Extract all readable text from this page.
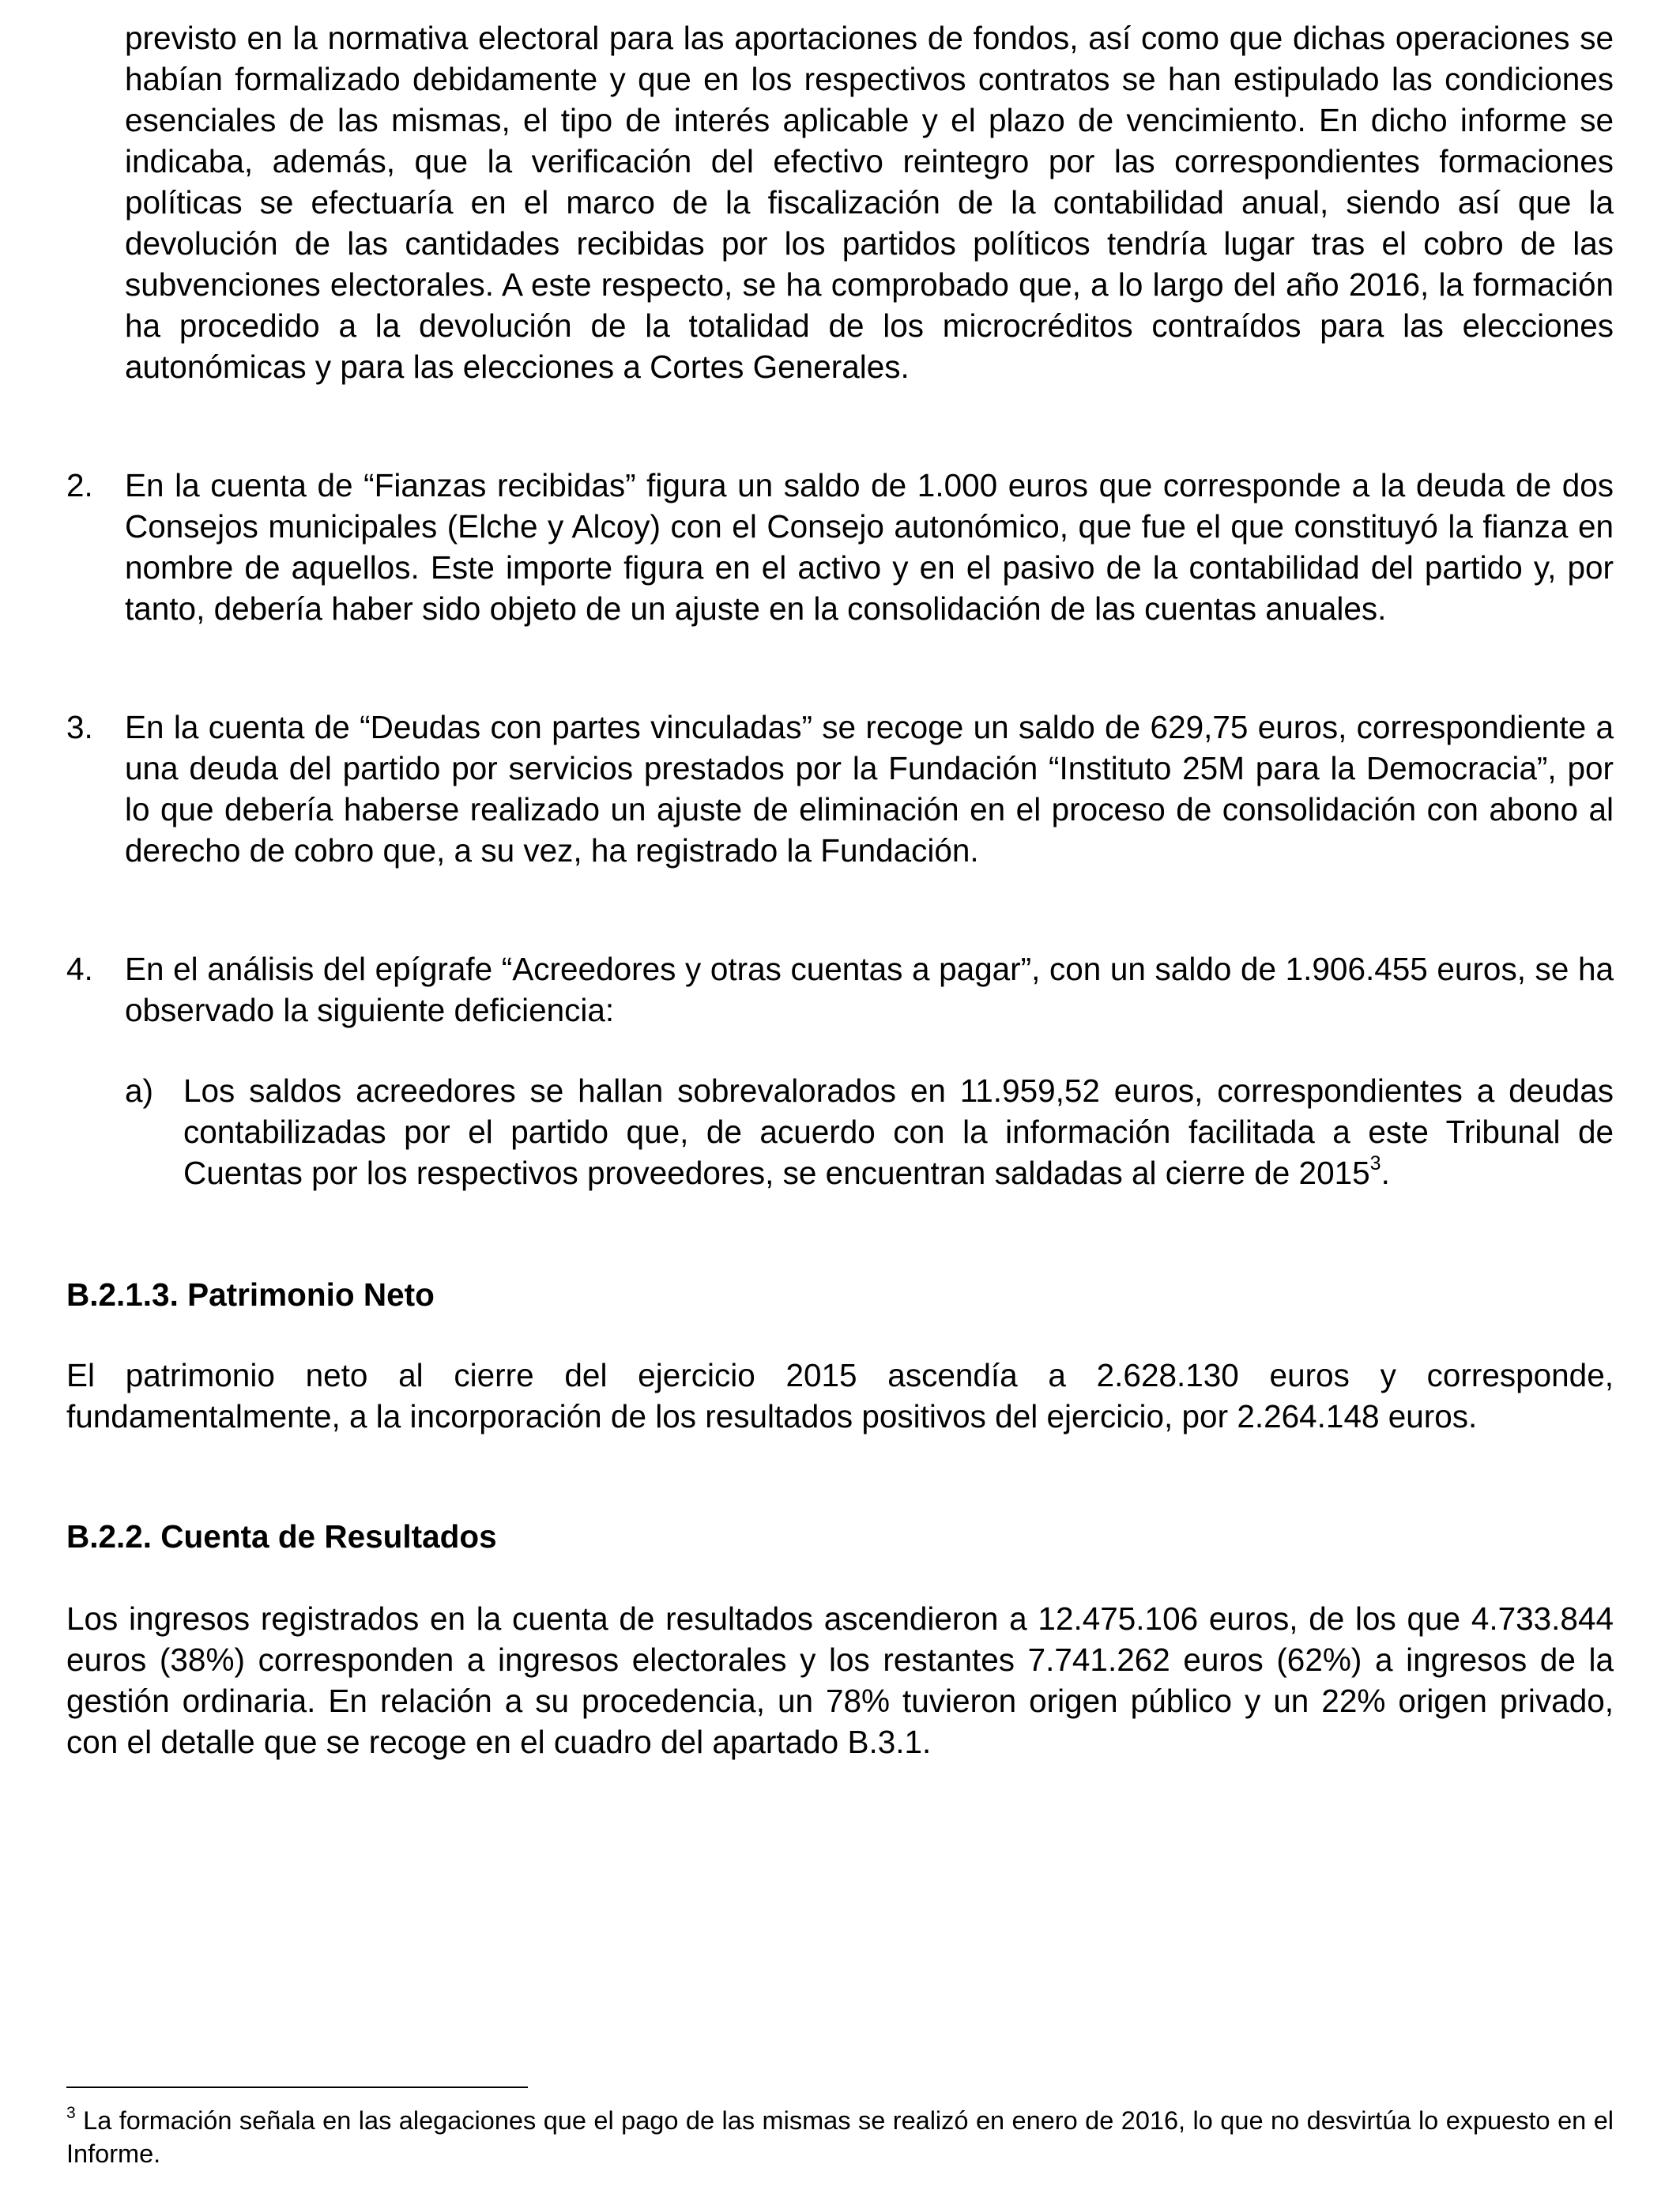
previsto en la normativa electoral para las aportaciones de fondos, así como que dichas operaciones se habían formalizado debidamente y que en los respectivos contratos se han estipulado las condiciones esenciales de las mismas, el tipo de interés aplicable y el plazo de vencimiento. En dicho informe se indicaba, además, que la verificación del efectivo reintegro por las correspondientes formaciones políticas se efectuaría en el marco de la fiscalización de la contabilidad anual, siendo así que la devolución de las cantidades recibidas por los partidos políticos tendría lugar tras el cobro de las subvenciones electorales. A este respecto, se ha comprobado que, a lo largo del año 2016, la formación ha procedido a la devolución de la totalidad de los microcréditos contraídos para las elecciones autonómicas y para las elecciones a Cortes Generales.
2. En la cuenta de “Fianzas recibidas” figura un saldo de 1.000 euros que corresponde a la deuda de dos Consejos municipales (Elche y Alcoy) con el Consejo autonómico, que fue el que constituyó la fianza en nombre de aquellos. Este importe figura en el activo y en el pasivo de la contabilidad del partido y, por tanto, debería haber sido objeto de un ajuste en la consolidación de las cuentas anuales.
3. En la cuenta de “Deudas con partes vinculadas” se recoge un saldo de 629,75 euros, correspondiente a una deuda del partido por servicios prestados por la Fundación “Instituto 25M para la Democracia”, por lo que debería haberse realizado un ajuste de eliminación en el proceso de consolidación con abono al derecho de cobro que, a su vez, ha registrado la Fundación.
4. En el análisis del epígrafe “Acreedores y otras cuentas a pagar”, con un saldo de 1.906.455 euros, se ha observado la siguiente deficiencia:
a) Los saldos acreedores se hallan sobrevalorados en 11.959,52 euros, correspondientes a deudas contabilizadas por el partido que, de acuerdo con la información facilitada a este Tribunal de Cuentas por los respectivos proveedores, se encuentran saldadas al cierre de 2015$^3$.
B.2.1.3. Patrimonio Neto
El patrimonio neto al cierre del ejercicio 2015 ascendía a 2.628.130 euros y corresponde, fundamentalmente, a la incorporación de los resultados positivos del ejercicio, por 2.264.148 euros.
B.2.2. Cuenta de Resultados
Los ingresos registrados en la cuenta de resultados ascendieron a 12.475.106 euros, de los que 4.733.844 euros (38%) corresponden a ingresos electorales y los restantes 7.741.262 euros (62%) a ingresos de la gestión ordinaria. En relación a su procedencia, un 78% tuvieron origen público y un 22% origen privado, con el detalle que se recoge en el cuadro del apartado B.3.1.
$^3$ La formación señala en las alegaciones que el pago de las mismas se realizó en enero de 2016, lo que no desvirtúa lo expuesto en el Informe.
